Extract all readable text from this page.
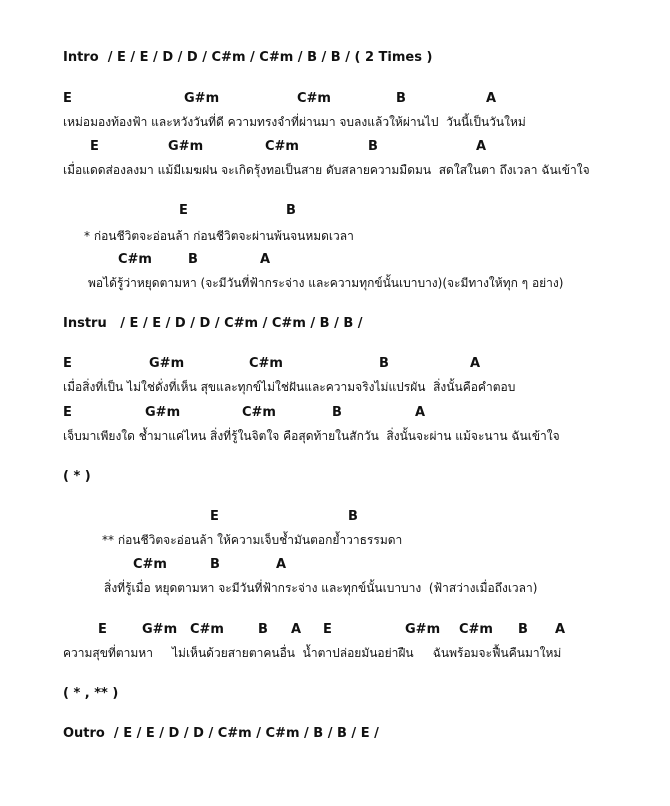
Intro  / E / E / D / D / C#m / C#m / B / B / ( 2 Times )
E	G#m	C#m	B	A
เหม่อมองท้องฟ้า และหวังวันที่ดี ความทรงจำที่ผ่านมา จบลงแล้วให้ผ่านไป  วันนี้เป็นวันใหม่
E	G#m	C#m	B	A
เมื่อแดดส่องลงมา แม้มีเมฆฝน จะเกิดรุ้งทอเป็นสาย ดับสลายความมืดมน  สดใสในตา ถึงเวลา ฉันเข้าใจ
E	B
* ก่อนชีวิตจะอ่อนล้า ก่อนชีวิตจะผ่านพ้นจนหมดเวลา
C#m	B	A
พอได้รู้ว่าหยุดตามหา (จะมีวันที่ฟ้ากระจ่าง และความทุกข์นั้นเบาบาง)(จะมีทางให้ทุก ๆ อย่าง)
Instru   / E / E / D / D / C#m / C#m / B / B /
E	G#m	C#m	B	A
เมื่อสิ่งที่เป็น ไม่ใช่ดั่งที่เห็น สุขและทุกข์ไม่ใช่ฝันและความจริงไม่แปรผัน  สิ่งนั้นคือคำตอบ
E	G#m	C#m	B	A
เจ็บมาเพียงใด ช้ำมาแค่ไหน สิ่งที่รู้ในจิตใจ คือสุดท้ายในสักวัน  สิ่งนั้นจะผ่าน แม้จะนาน ฉันเข้าใจ
( * )
E	B
** ก่อนชีวิตจะอ่อนล้า ให้ความเจ็บช้ำมันตอกย้ำวาธรรมดา
C#m	B	A
สิ่งที่รู้เมื่อ หยุดตามหา จะมีวันที่ฟ้ากระจ่าง และทุกข์นั้นเบาบาง  (ฟ้าสว่างเมื่อถึงเวลา)
E	G#m C#m	B A E	G#m C#m B A
ความสุขที่ตามหา     ไม่เห็นด้วยสายตาคนอื่น  น้ำตาปล่อยมันอย่าฝืน     ฉันพร้อมจะฟื้นคืนมาใหม่
( * , ** )
Outro  / E / E / D / D / C#m / C#m / B / B / E /
